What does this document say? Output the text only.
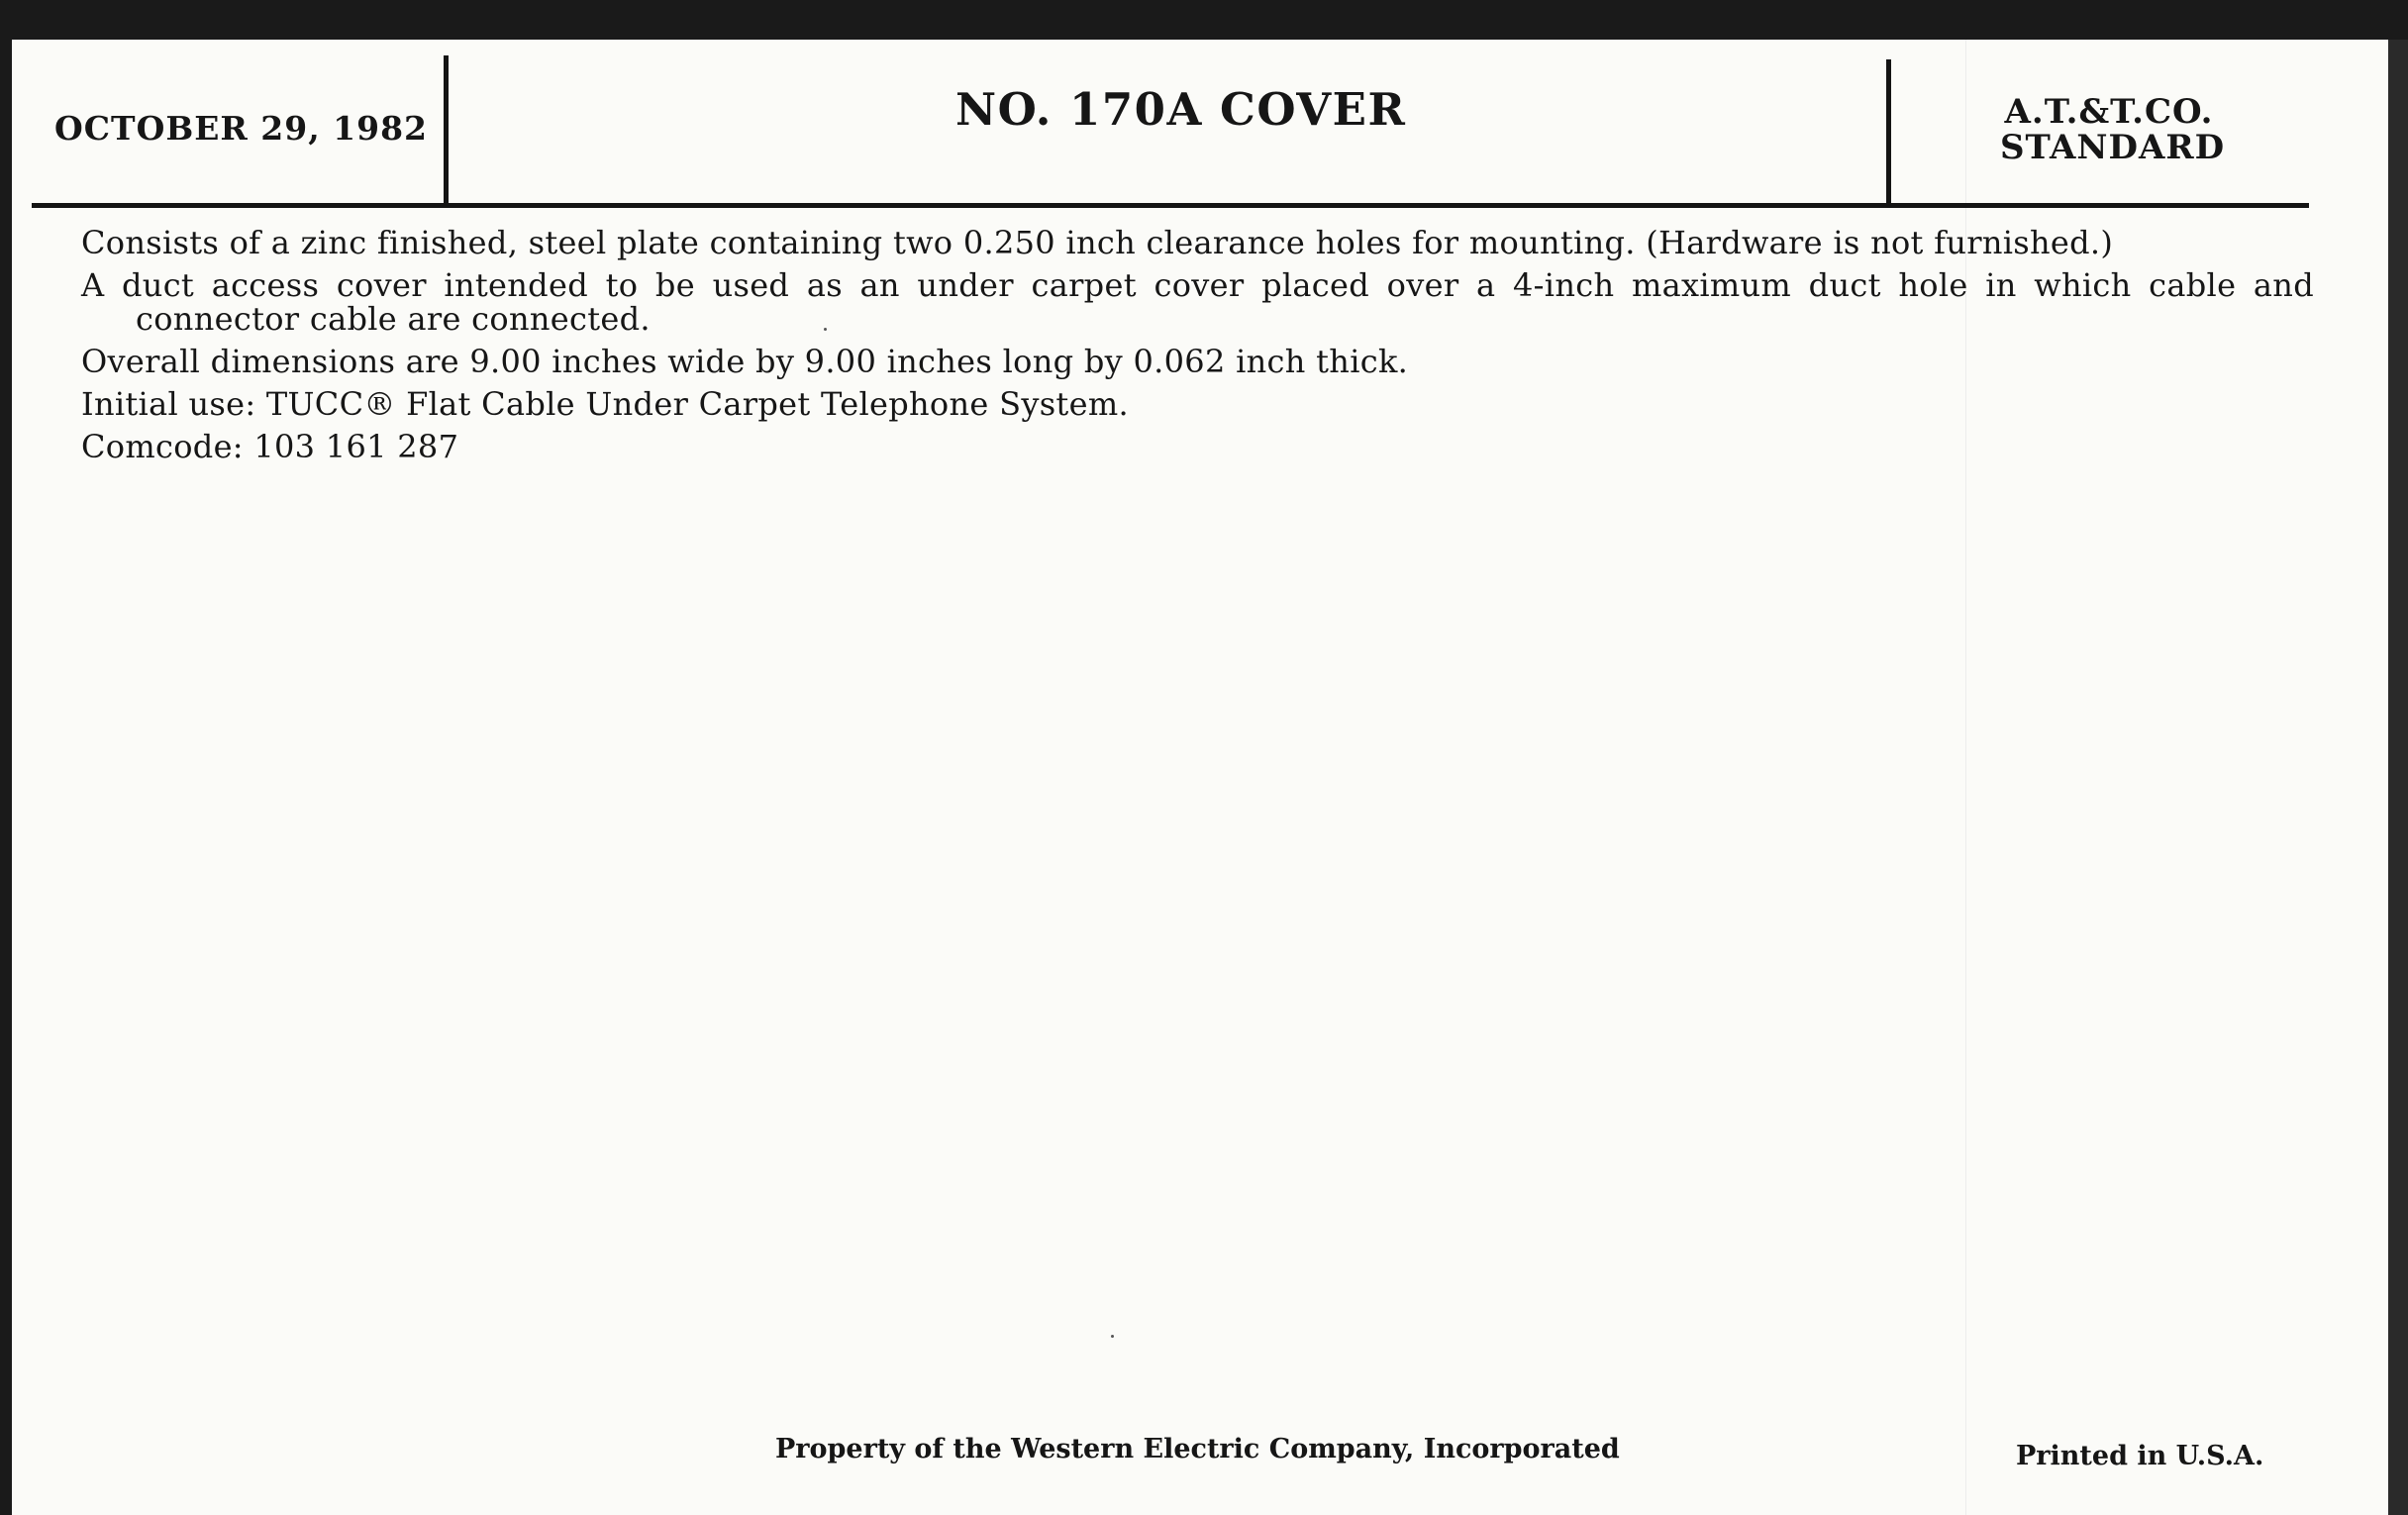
OCTOBER 29, 1982	NO. 170A COVER	A.T.&T.CO.
STANDARD

Consists of a zinc finished, steel plate containing two 0.250 inch clearance holes for mounting. (Hardware is not furnished.)

A duct access cover intended to be used as an under carpet cover placed over a 4-inch maximum duct hole in which cable and connector cable are connected.

Overall dimensions are 9.00 inches wide by 9.00 inches long by 0.062 inch thick.

Initial use: TUCC® Flat Cable Under Carpet Telephone System.

Comcode: 103 161 287

Property of the Western Electric Company, Incorporated	Printed in U.S.A.
